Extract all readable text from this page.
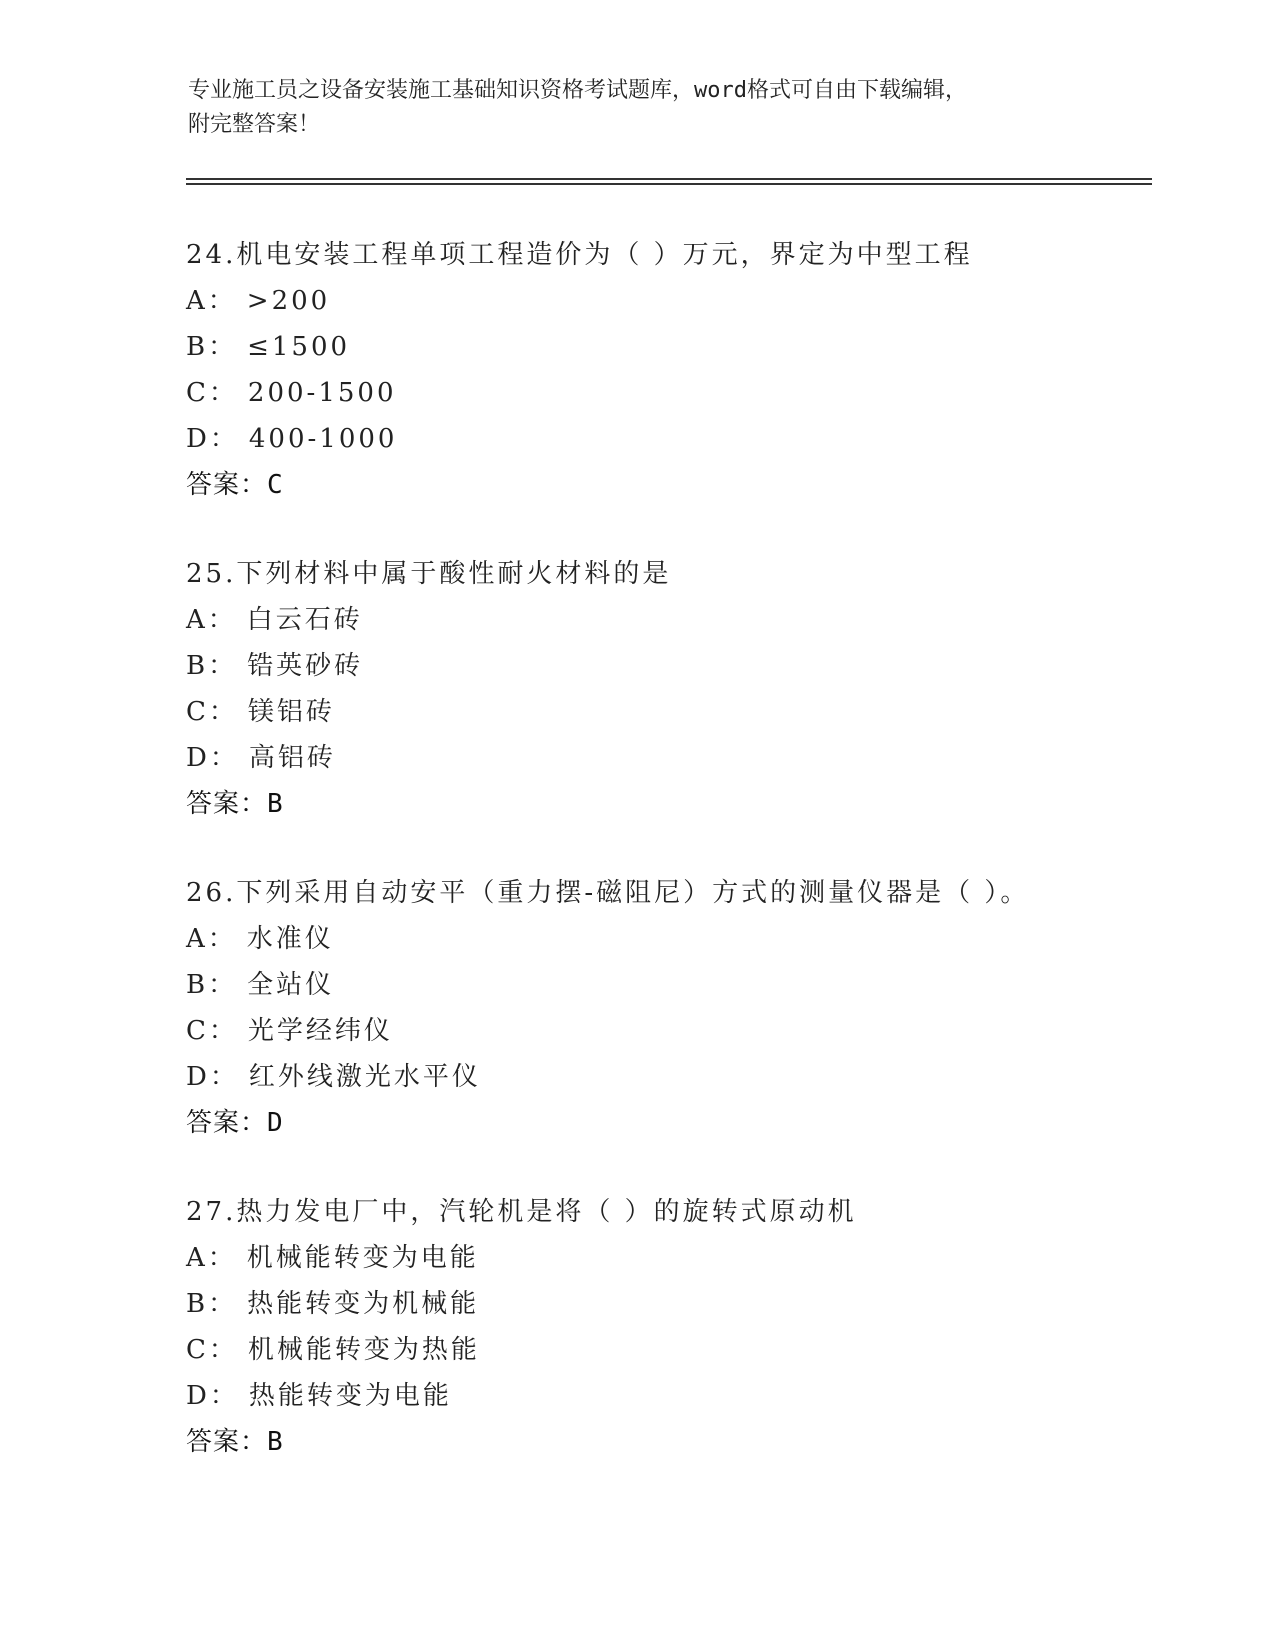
专业施工员之设备安装施工基础知识资格考试题库，word格式可自由下载编辑，
附完整答案！
24.机电安装工程单项工程造价为（ ）万元，界定为中型工程
A： >200
B： ≤1500
C： 200-1500
D： 400-1000
答案：C
25.下列材料中属于酸性耐火材料的是
A： 白云石砖
B： 锆英砂砖
C： 镁铝砖
D： 高铝砖
答案：B
26.下列采用自动安平（重力摆-磁阻尼）方式的测量仪器是（ ）。
A： 水准仪
B： 全站仪
C： 光学经纬仪
D： 红外线激光水平仪
答案：D
27.热力发电厂中，汽轮机是将（ ）的旋转式原动机
A： 机械能转变为电能
B： 热能转变为机械能
C： 机械能转变为热能
D： 热能转变为电能
答案：B
